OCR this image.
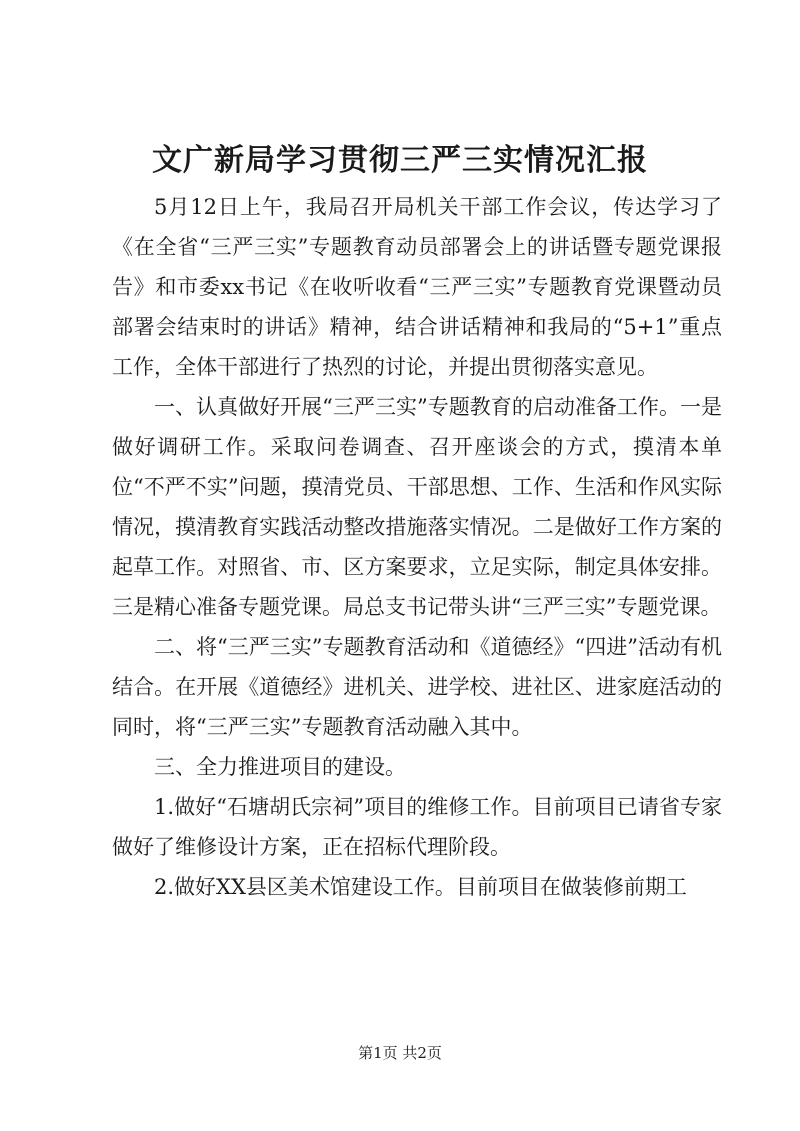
文广新局学习贯彻三严三实情况汇报

5月12日上午，我局召开局机关干部工作会议，传达学习了《在全省“三严三实”专题教育动员部署会上的讲话暨专题党课报告》和市委xx书记《在收听收看“三严三实”专题教育党课暨动员部署会结束时的讲话》精神，结合讲话精神和我局的“5+1”重点工作，全体干部进行了热烈的讨论，并提出贯彻落实意见。

一、认真做好开展“三严三实”专题教育的启动准备工作。一是做好调研工作。采取问卷调查、召开座谈会的方式，摸清本单位“不严不实”问题，摸清党员、干部思想、工作、生活和作风实际情况，摸清教育实践活动整改措施落实情况。二是做好工作方案的起草工作。对照省、市、区方案要求，立足实际，制定具体安排。三是精心准备专题党课。局总支书记带头讲“三严三实”专题党课。

二、将“三严三实”专题教育活动和《道德经》“四进”活动有机结合。在开展《道德经》进机关、进学校、进社区、进家庭活动的同时，将“三严三实”专题教育活动融入其中。

三、全力推进项目的建设。

1.做好“石塘胡氏宗祠”项目的维修工作。目前项目已请省专家做好了维修设计方案，正在招标代理阶段。

2.做好XX县区美术馆建设工作。目前项目在做装修前期工

第1页 共2页
